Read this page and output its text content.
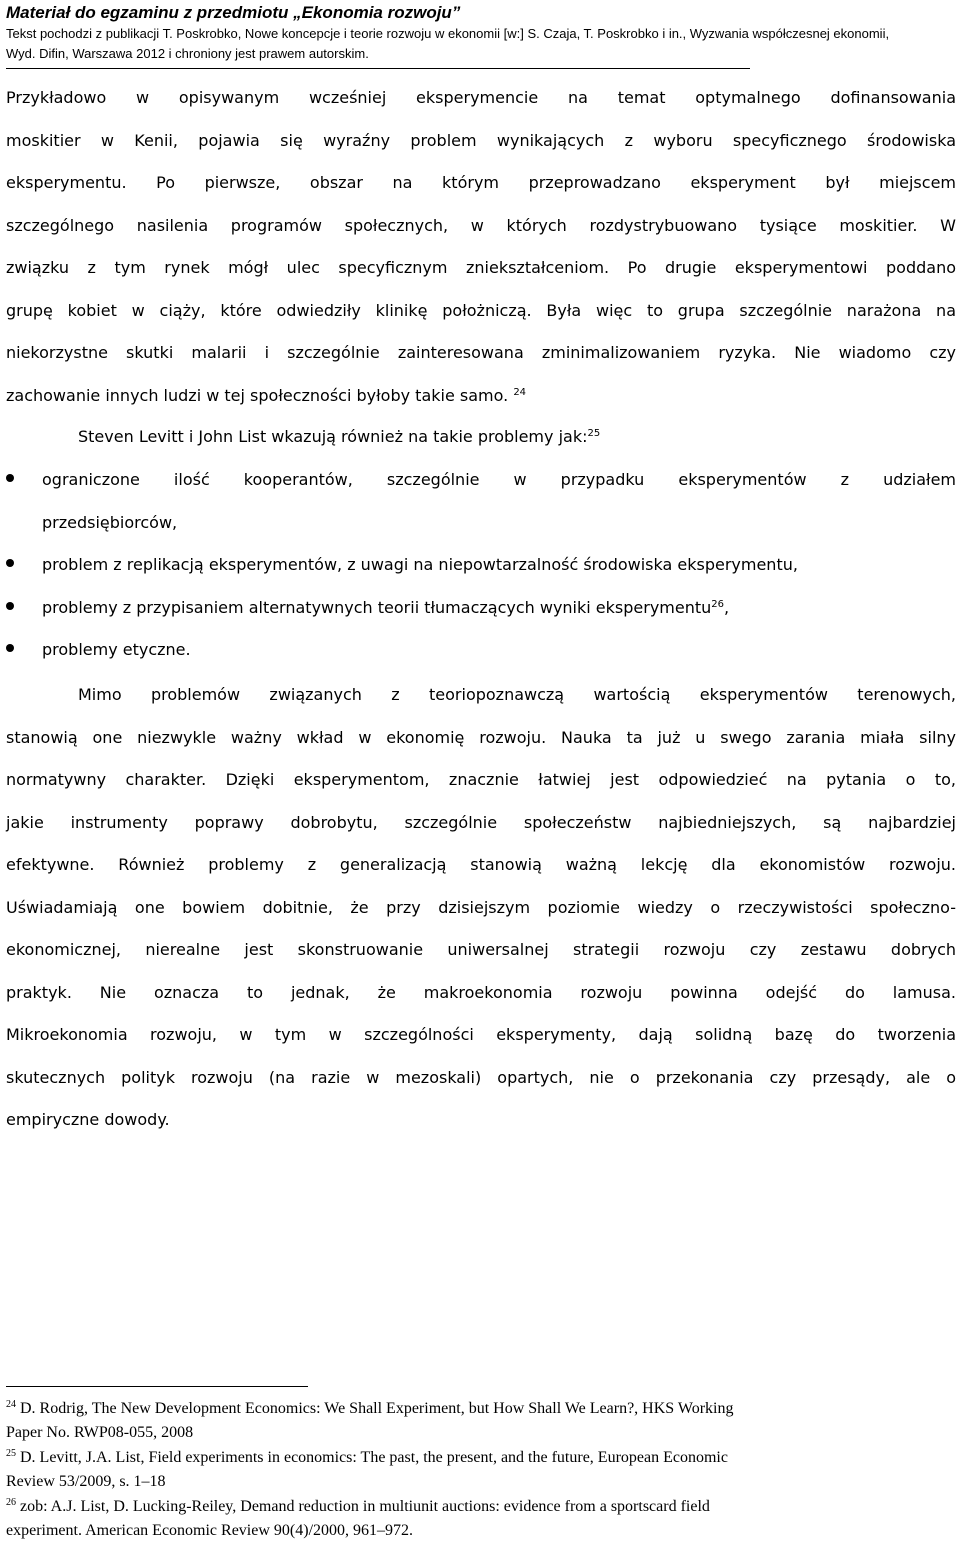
Materiał do egzaminu z przedmiotu „Ekonomia rozwoju”

Tekst pochodzi z publikacji T. Poskrobko, Nowe koncepcje i teorie rozwoju w ekonomii [w:] S. Czaja, T. Poskrobko i in., Wyzwania współczesnej ekonomii,

Wyd. Difin, Warszawa 2012 i chroniony jest prawem autorskim.

Przykładowo w opisywanym wcześniej eksperymencie na temat optymalnego dofinansowania
moskitier w Kenii, pojawia się wyraźny problem wynikających z wyboru specyficznego środowiska
eksperymentu. Po pierwsze, obszar na którym przeprowadzano eksperyment był miejscem
szczególnego nasilenia programów społecznych, w których rozdystrybuowano tysiące moskitier. W
związku z tym rynek mógł ulec specyficznym zniekształceniom. Po drugie eksperymentowi poddano
grupę kobiet w ciąży, które odwiedziły klinikę położniczą. Była więc to grupa szczególnie narażona na
niekorzystne skutki malarii i szczególnie zainteresowana zminimalizowaniem ryzyka. Nie wiadomo czy
zachowanie innych ludzi w tej społeczności byłoby takie samo. $^{24}$
Steven Levitt i John List wkazują również na takie problemy jak:$^{25}$
ograniczone ilość kooperantów, szczególnie w przypadku eksperymentów z udziałem
przedsiębiorców,
problem z replikacją eksperymentów, z uwagi na niepowtarzalność środowiska eksperymentu,
problemy z przypisaniem alternatywnych teorii tłumaczących wyniki eksperymentu$^{26}$,
problemy etyczne.
Mimo problemów związanych z teoriopoznawczą wartością eksperymentów terenowych,
stanowią one niezwykle ważny wkład w ekonomię rozwoju. Nauka ta już u swego zarania miała silny
normatywny charakter. Dzięki eksperymentom, znacznie łatwiej jest odpowiedzieć na pytania o to,
jakie instrumenty poprawy dobrobytu, szczególnie społeczeństw najbiedniejszych, są najbardziej
efektywne. Również problemy z generalizacją stanowią ważną lekcję dla ekonomistów rozwoju.
Uświadamiają one bowiem dobitnie, że przy dzisiejszym poziomie wiedzy o rzeczywistości społeczno-
ekonomicznej, nierealne jest skonstruowanie uniwersalnej strategii rozwoju czy zestawu dobrych
praktyk. Nie oznacza to jednak, że makroekonomia rozwoju powinna odejść do lamusa.
Mikroekonomia rozwoju, w tym w szczególności eksperymenty, dają solidną bazę do tworzenia
skutecznych polityk rozwoju (na razie w mezoskali) opartych, nie o przekonania czy przesądy, ale o
empiryczne dowody.
$^{24}$ D. Rodrig, The New Development Economics: We Shall Experiment, but How Shall We Learn?, HKS Working
Paper No. RWP08-055, 2008
$^{25}$ D. Levitt, J.A. List, Field experiments in economics: The past, the present, and the future, European Economic
Review 53/2009, s. 1–18
$^{26}$ zob: A.J. List, D. Lucking-Reiley, Demand reduction in multiunit auctions: evidence from a sportscard field
experiment. American Economic Review 90(4)/2000, 961–972.
